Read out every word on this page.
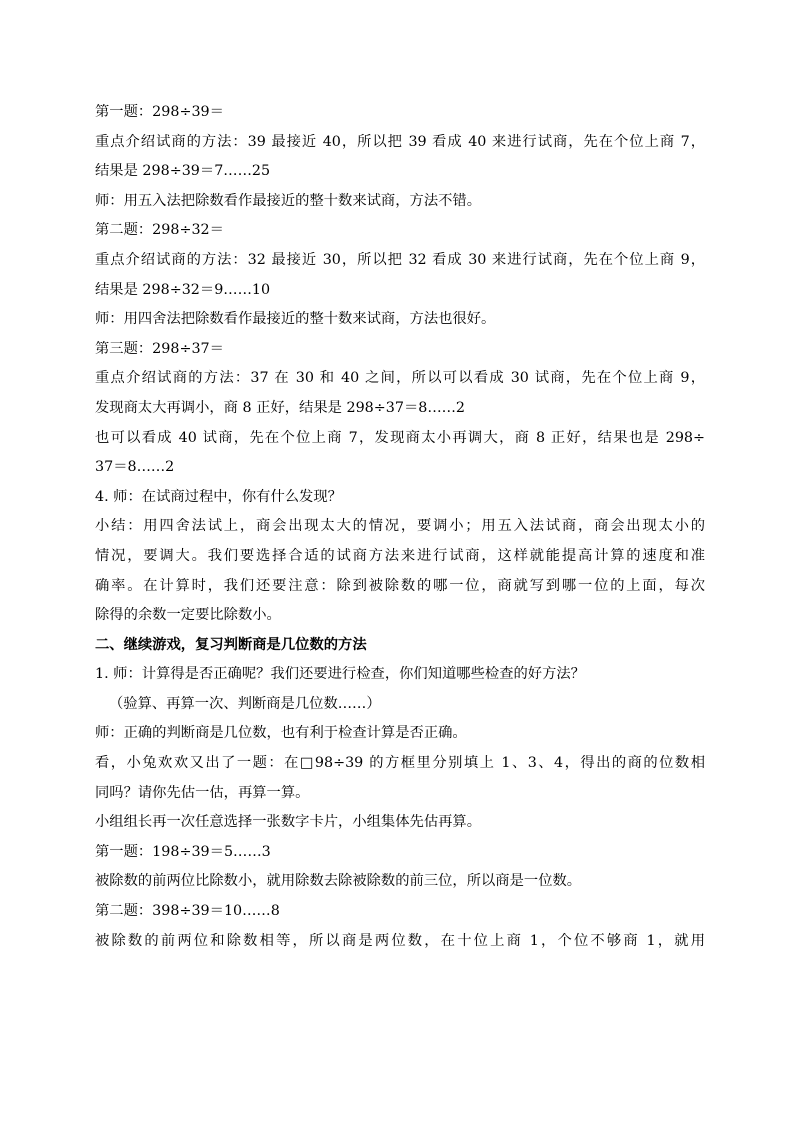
第一题：298÷39＝
重点介绍试商的方法：39 最接近 40，所以把 39 看成 40 来进行试商，先在个位上商 7，
结果是 298÷39＝7……25
师：用五入法把除数看作最接近的整十数来试商，方法不错。
第二题：298÷32＝
重点介绍试商的方法：32 最接近 30，所以把 32 看成 30 来进行试商，先在个位上商 9，
结果是 298÷32＝9……10
师：用四舍法把除数看作最接近的整十数来试商，方法也很好。
第三题：298÷37＝
重点介绍试商的方法：37 在 30 和 40 之间，所以可以看成 30 试商，先在个位上商 9，
发现商太大再调小，商 8 正好，结果是 298÷37＝8……2
也可以看成 40 试商，先在个位上商 7，发现商太小再调大，商 8 正好，结果也是 298÷
37＝8……2
4. 师：在试商过程中，你有什么发现？
小结：用四舍法试上，商会出现太大的情况，要调小；用五入法试商，商会出现太小的
情况，要调大。我们要选择合适的试商方法来进行试商，这样就能提高计算的速度和准
确率。在计算时，我们还要注意：除到被除数的哪一位，商就写到哪一位的上面，每次
除得的余数一定要比除数小。
二、继续游戏，复习判断商是几位数的方法
1. 师：计算得是否正确呢？我们还要进行检查，你们知道哪些检查的好方法？
（验算、再算一次、判断商是几位数……）
师：正确的判断商是几位数，也有利于检查计算是否正确。
看，小兔欢欢又出了一题：在□98÷39 的方框里分别填上 1、3、4，得出的商的位数相
同吗？请你先估一估，再算一算。
小组组长再一次任意选择一张数字卡片，小组集体先估再算。
第一题：198÷39＝5……3
被除数的前两位比除数小，就用除数去除被除数的前三位，所以商是一位数。
第二题：398÷39＝10……8
被除数的前两位和除数相等，所以商是两位数，在十位上商 1，个位不够商 1，就用
